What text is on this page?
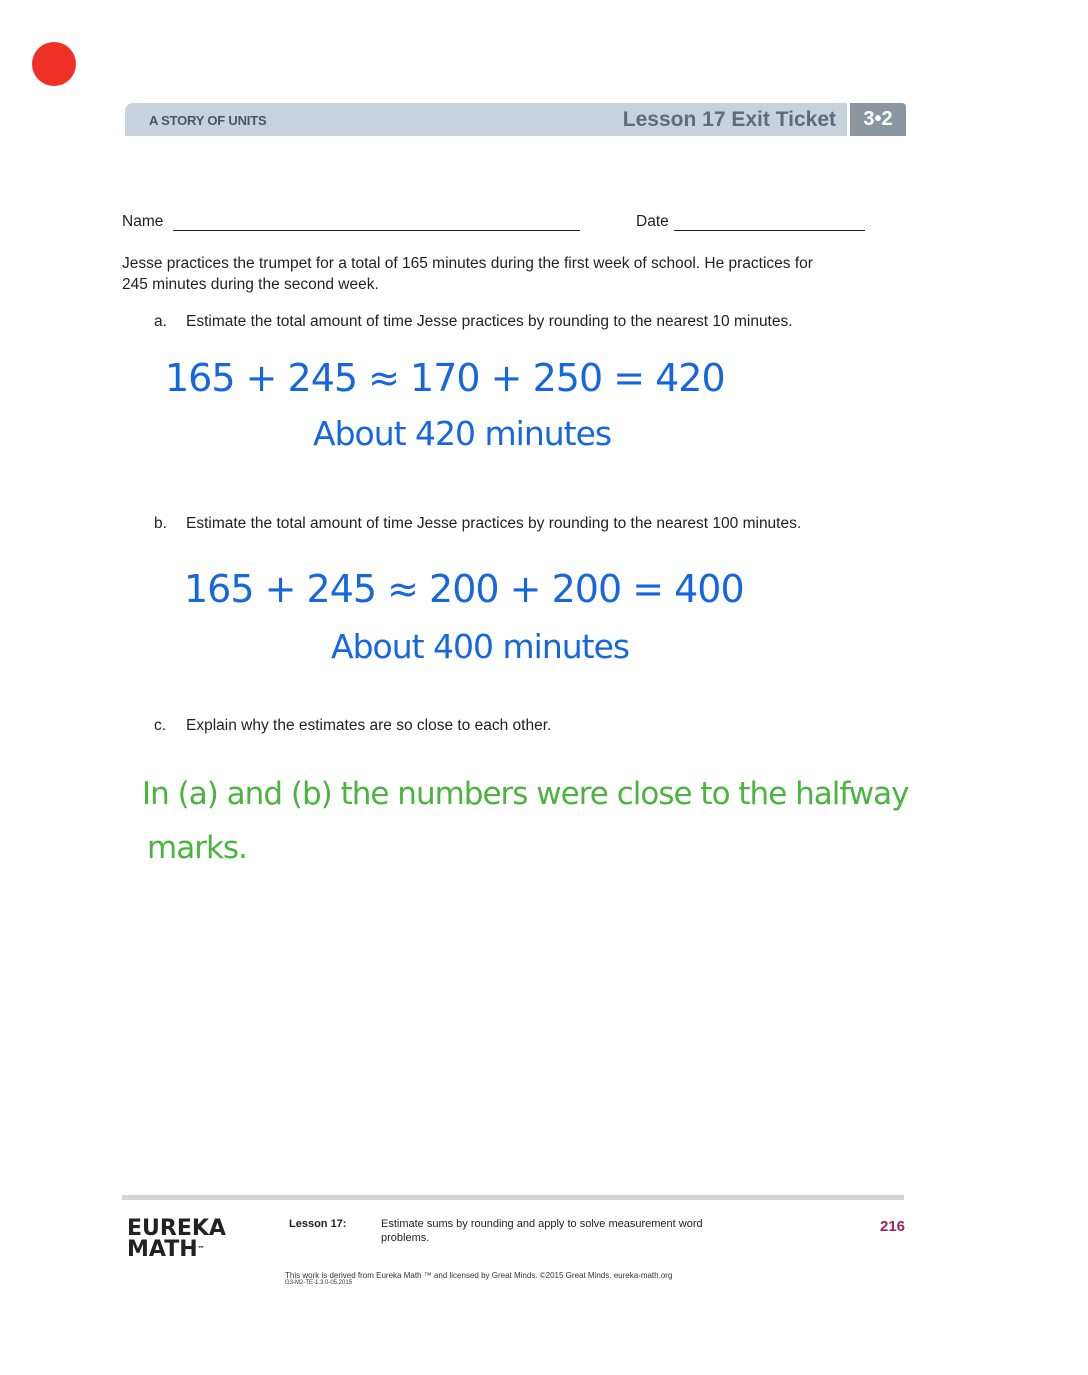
A STORY OF UNITS	Lesson 17 Exit Ticket	3•2
Name	Date
Jesse practices the trumpet for a total of 165 minutes during the first week of school. He practices for
245 minutes during the second week.
a. Estimate the total amount of time Jesse practices by rounding to the nearest 10 minutes.
165 + 245 ≈ 170 + 250 = 420
About 420 minutes
b. Estimate the total amount of time Jesse practices by rounding to the nearest 100 minutes.
165 + 245 ≈ 200 + 200 = 400
About 400 minutes
c. Explain why the estimates are so close to each other.
In (a) and (b) the numbers were close to the halfway
marks.
EUREKA
MATH™
Lesson 17:	Estimate sums by rounding and apply to solve measurement word
problems.
216
This work is derived from Eureka Math ™ and licensed by Great Minds. ©2015 Great Minds. eureka-math.org
G3-M2-TE-1.3.0-05.2015
